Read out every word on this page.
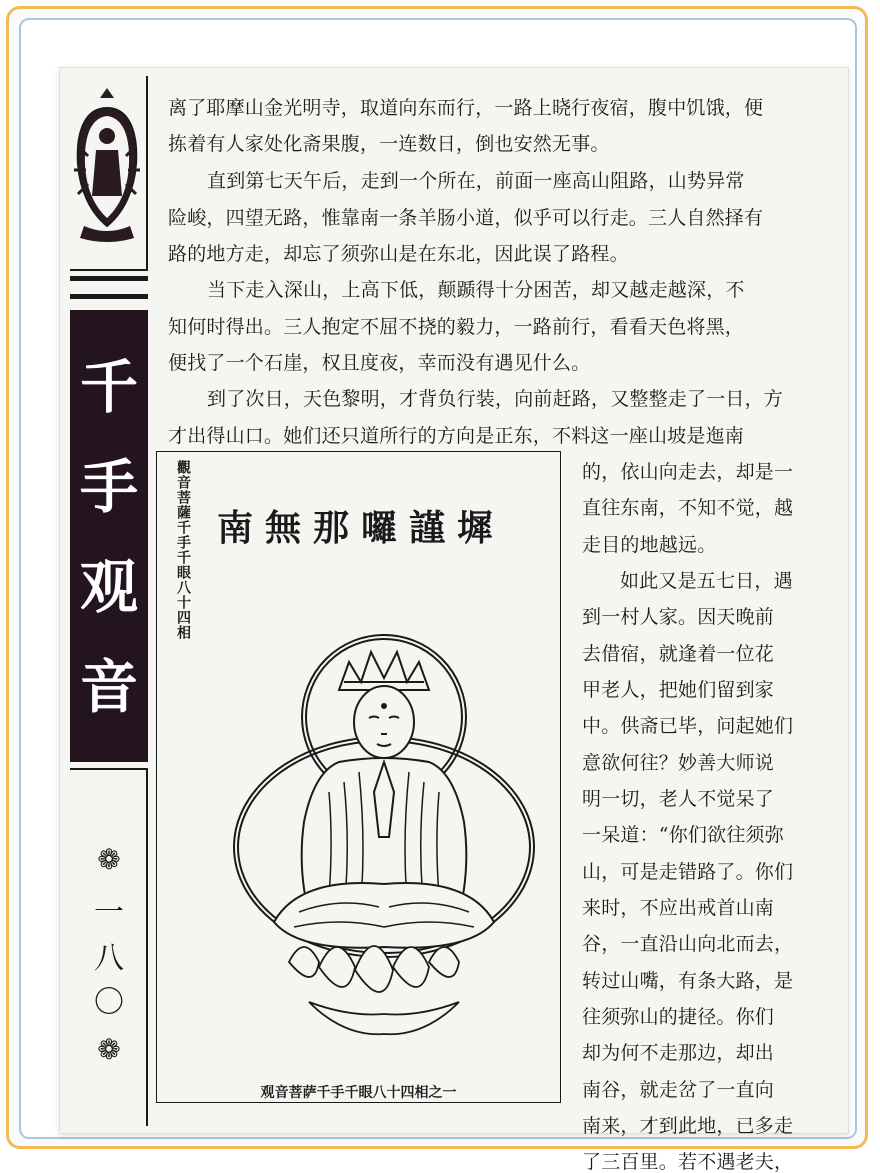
千
手
观
音
❁
一
八
〇
❁
离了耶摩山金光明寺，取道向东而行，一路上晓行夜宿，腹中饥饿，便
拣着有人家处化斋果腹，一连数日，倒也安然无事。
直到第七天午后，走到一个所在，前面一座高山阻路，山势异常
险峻，四望无路，惟靠南一条羊肠小道，似乎可以行走。三人自然择有
路的地方走，却忘了须弥山是在东北，因此误了路程。
当下走入深山，上高下低，颠踬得十分困苦，却又越走越深，不
知何时得出。三人抱定不屈不挠的毅力，一路前行，看看天色将黑，
便找了一个石崖，权且度夜，幸而没有遇见什么。
到了次日，天色黎明，才背负行装，向前赶路，又整整走了一日，方
才出得山口。她们还只道所行的方向是正东，不料这一座山坡是迤南
的，依山向走去，却是一
直往东南，不知不觉，越
走目的地越远。
如此又是五七日，遇
到一村人家。因天晚前
去借宿，就逢着一位花
甲老人，把她们留到家
中。供斋已毕，问起她们
意欲何往？妙善大师说
明一切，老人不觉呆了
一呆道：“你们欲往须弥
山，可是走错路了。你们
来时，不应出戒首山南
谷，一直沿山向北而去，
转过山嘴，有条大路，是
往须弥山的捷径。你们
却为何不走那边，却出
南谷，就走岔了一直向
南来，才到此地，已多走
了三百里。若不遇老夫，
觀音菩薩千手千眼八十四相 南無那囉謹墀
观音菩萨千手千眼八十四相之一
